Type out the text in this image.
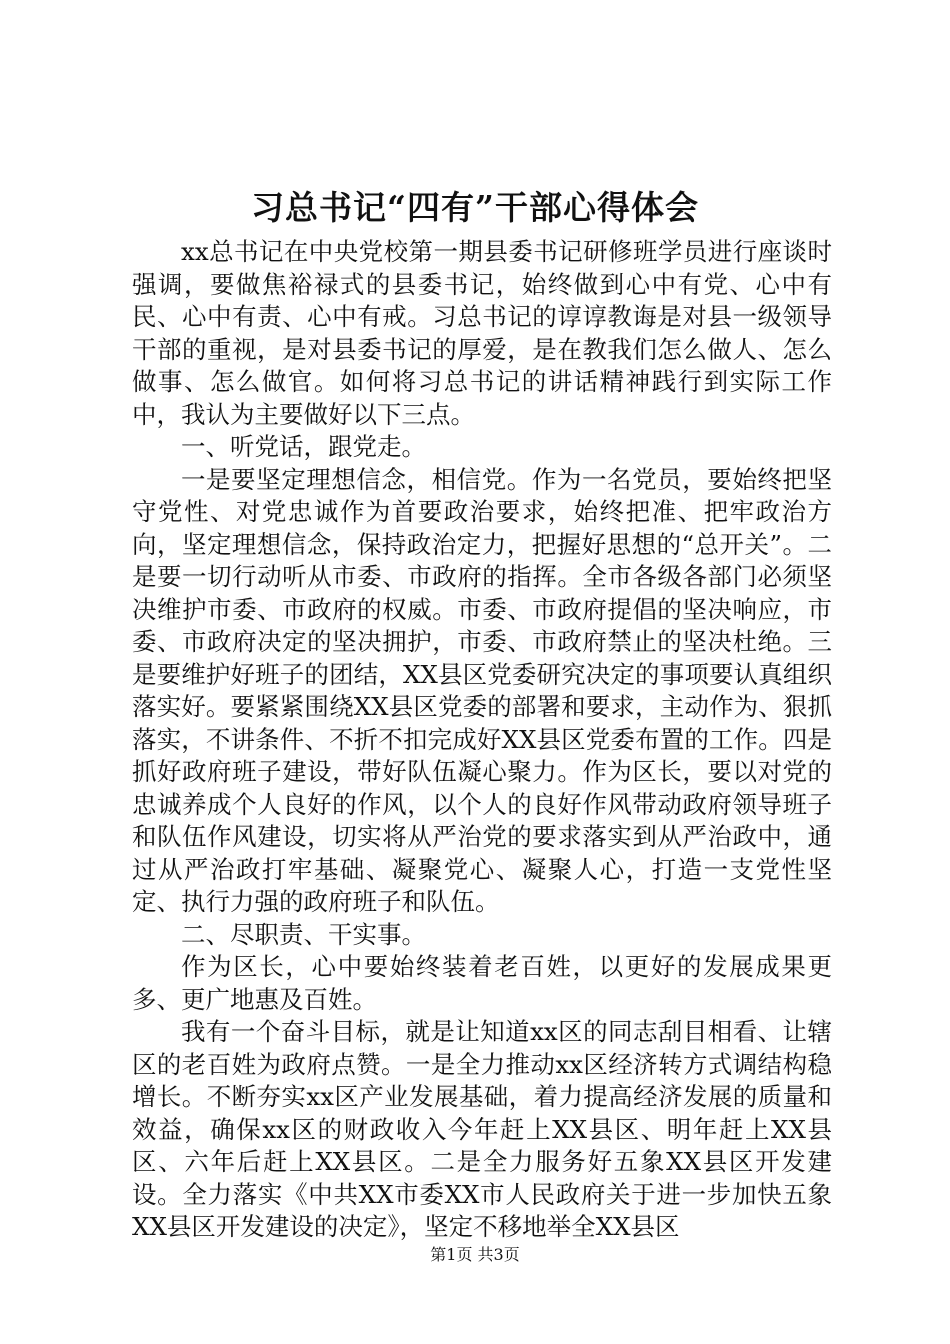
习总书记“四有”干部心得体会

xx总书记在中央党校第一期县委书记研修班学员进行座谈时强调，要做焦裕禄式的县委书记，始终做到心中有党、心中有民、心中有责、心中有戒。习总书记的谆谆教诲是对县一级领导干部的重视，是对县委书记的厚爱，是在教我们怎么做人、怎么做事、怎么做官。如何将习总书记的讲话精神践行到实际工作中，我认为主要做好以下三点。

一、听党话，跟党走。

一是要坚定理想信念，相信党。作为一名党员，要始终把坚守党性、对党忠诚作为首要政治要求，始终把准、把牢政治方向，坚定理想信念，保持政治定力，把握好思想的“总开关”。二是要一切行动听从市委、市政府的指挥。全市各级各部门必须坚决维护市委、市政府的权威。市委、市政府提倡的坚决响应，市委、市政府决定的坚决拥护，市委、市政府禁止的坚决杜绝。三是要维护好班子的团结，XX县区党委研究决定的事项要认真组织落实好。要紧紧围绕XX县区党委的部署和要求，主动作为、狠抓落实，不讲条件、不折不扣完成好XX县区党委布置的工作。四是抓好政府班子建设，带好队伍凝心聚力。作为区长，要以对党的忠诚养成个人良好的作风，以个人的良好作风带动政府领导班子和队伍作风建设，切实将从严治党的要求落实到从严治政中，通过从严治政打牢基础、凝聚党心、凝聚人心，打造一支党性坚定、执行力强的政府班子和队伍。

二、尽职责、干实事。

作为区长，心中要始终装着老百姓，以更好的发展成果更多、更广地惠及百姓。

我有一个奋斗目标，就是让知道xx区的同志刮目相看、让辖区的老百姓为政府点赞。一是全力推动xx区经济转方式调结构稳增长。不断夯实xx区产业发展基础，着力提高经济发展的质量和效益，确保xx区的财政收入今年赶上XX县区、明年赶上XX县区、六年后赶上XX县区。二是全力服务好五象XX县区开发建设。全力落实《中共XX市委XX市人民政府关于进一步加快五象XX县区开发建设的决定》，坚定不移地举全XX县区

第1页 共3页
